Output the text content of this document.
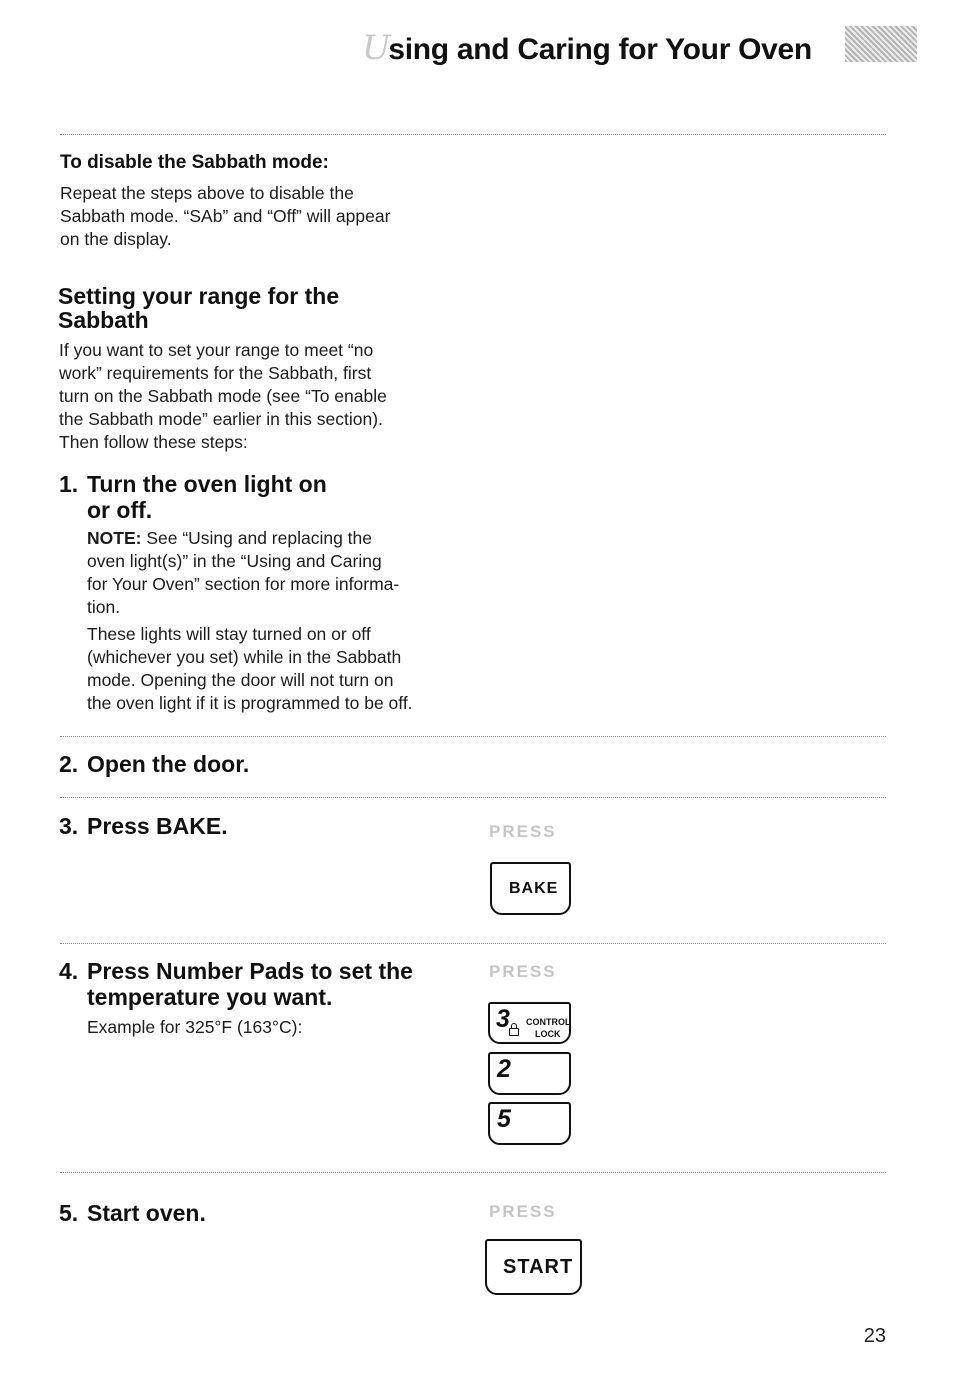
Using and Caring for Your Oven
To disable the Sabbath mode:
Repeat the steps above to disable the
Sabbath mode. “SAb” and “Off” will appear
on the display.
Setting your range for the
Sabbath
If you want to set your range to meet “no
work” requirements for the Sabbath, first
turn on the Sabbath mode (see “To enable
the Sabbath mode” earlier in this section).
Then follow these steps:
1. Turn the oven light on
or off.
NOTE: See “Using and replacing the
oven light(s)” in the “Using and Caring
for Your Oven” section for more informa-
tion.
These lights will stay turned on or off
(whichever you set) while in the Sabbath
mode. Opening the door will not turn on
the oven light if it is programmed to be off.
2. Open the door.
3. Press BAKE.	PRESS
BAKE
4. Press Number Pads to set the
temperature you want.
Example for 325°F (163°C):
PRESS
3 CONTROL
LOCK
2
5
5. Start oven.	PRESS
START
23
